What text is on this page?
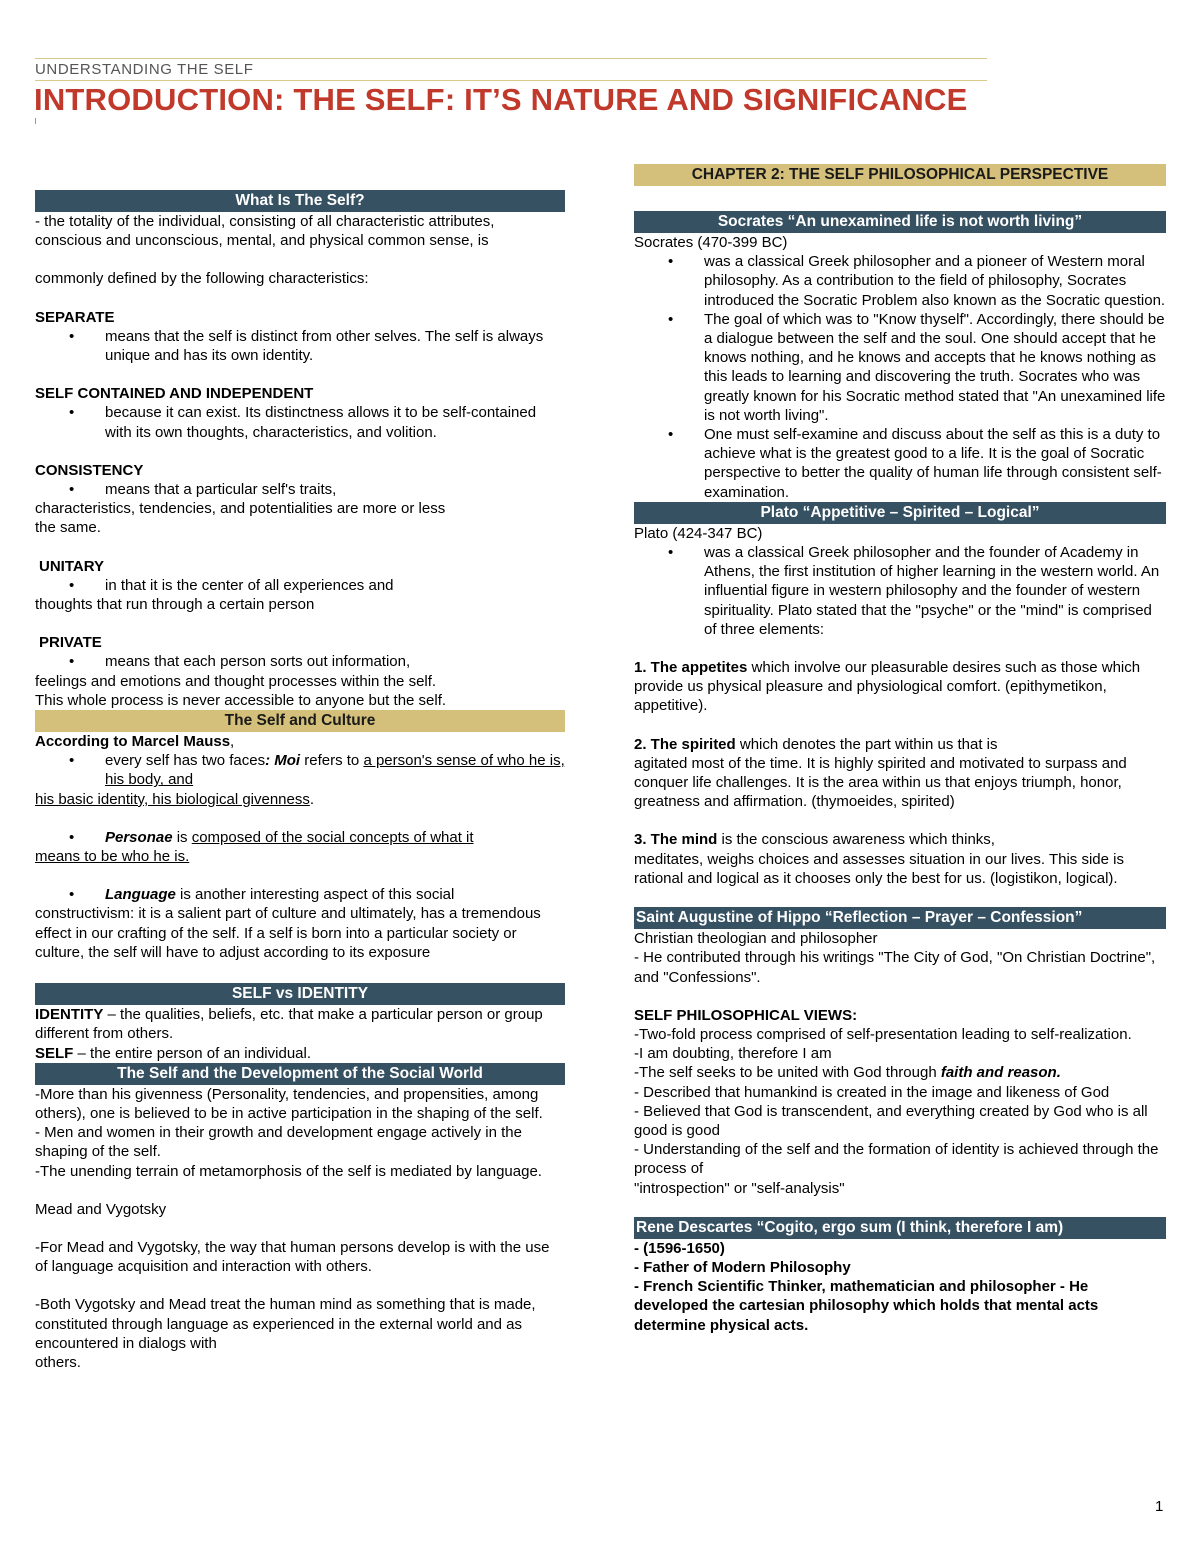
UNDERSTANDING THE SELF
INTRODUCTION: THE SELF: IT’S NATURE AND SIGNIFICANCE
What Is The Self?

- the totality of the individual, consisting of all characteristic attributes,

conscious and unconscious, mental, and physical common sense, is

commonly defined by the following characteristics:

SEPARATE

• means that the self is distinct from other selves. The self is always unique and has its own identity.

SELF CONTAINED AND INDEPENDENT

• because it can exist. Its distinctness allows it to be self-contained with its own thoughts, characteristics, and volition.

CONSISTENCY

• means that a particular self's traits,

characteristics, tendencies, and potentialities are more or less

the same.

UNITARY

• in that it is the center of all experiences and

thoughts that run through a certain person

PRIVATE

• means that each person sorts out information,

feelings and emotions and thought processes within the self.

This whole process is never accessible to anyone but the self.

The Self and Culture

According to Marcel Mauss,

• every self has two faces: Moi refers to a person's sense of who he is, his body, and

his basic identity, his biological givenness.

• Personae is composed of the social concepts of what it

means to be who he is.

• Language is another interesting aspect of this social

constructivism: it is a salient part of culture and ultimately, has a tremendous effect in our crafting of the self. If a self is born into a particular society or culture, the self will have to adjust according to its exposure

SELF vs IDENTITY

IDENTITY – the qualities, beliefs, etc. that make a particular person or group different from others.

SELF – the entire person of an individual.

The Self and the Development of the Social World

-More than his givenness (Personality, tendencies, and propensities, among others), one is believed to be in active participation in the shaping of the self.

- Men and women in their growth and development engage actively in the shaping of the self.

-The unending terrain of metamorphosis of the self is mediated by language.

Mead and Vygotsky

-For Mead and Vygotsky, the way that human persons develop is with the use of language acquisition and interaction with others.

-Both Vygotsky and Mead treat the human mind as something that is made, constituted through language as experienced in the external world and as encountered in dialogs with

others.

CHAPTER 2: THE SELF PHILOSOPHICAL PERSPECTIVE
Socrates “An unexamined life is not worth living”

Socrates (470-399 BC)

• was a classical Greek philosopher and a pioneer of Western moral philosophy. As a contribution to the field of philosophy, Socrates introduced the Socratic Problem also known as the Socratic question.
• The goal of which was to "Know thyself". Accordingly, there should be a dialogue between the self and the soul. One should accept that he knows nothing, and he knows and accepts that he knows nothing as this leads to learning and discovering the truth. Socrates who was greatly known for his Socratic method stated that "An unexamined life is not worth living".
• One must self-examine and discuss about the self as this is a duty to achieve what is the greatest good to a life. It is the goal of Socratic perspective to better the quality of human life through consistent self-examination.
Plato “Appetitive – Spirited – Logical”

Plato (424-347 BC)

• was a classical Greek philosopher and the founder of Academy in Athens, the first institution of higher learning in the western world. An influential figure in western philosophy and the founder of western spirituality. Plato stated that the "psyche" or the "mind" is comprised of three elements:

1. The appetites which involve our pleasurable desires such as those which provide us physical pleasure and physiological comfort. (epithymetikon, appetitive).

2. The spirited which denotes the part within us that is

agitated most of the time. It is highly spirited and motivated to surpass and conquer life challenges. It is the area within us that enjoys triumph, honor, greatness and affirmation. (thymoeides, spirited)

3. The mind is the conscious awareness which thinks,

meditates, weighs choices and assesses situation in our lives. This side is rational and logical as it chooses only the best for us. (logistikon, logical).

Saint Augustine of Hippo “Reflection – Prayer – Confession”

Christian theologian and philosopher

- He contributed through his writings "The City of God, "On Christian Doctrine", and "Confessions".

SELF PHILOSOPHICAL VIEWS:

-Two-fold process comprised of self-presentation leading to self-realization.

-I am doubting, therefore I am

-The self seeks to be united with God through faith and reason.

- Described that humankind is created in the image and likeness of God

- Believed that God is transcendent, and everything created by God who is all good is good

- Understanding of the self and the formation of identity is achieved through the process of

"introspection" or "self-analysis"

Rene Descartes “Cogito, ergo sum (I think, therefore I am)

- (1596-1650)

- Father of Modern Philosophy

- French Scientific Thinker, mathematician and philosopher - He developed the cartesian philosophy which holds that mental acts determine physical acts.

1
